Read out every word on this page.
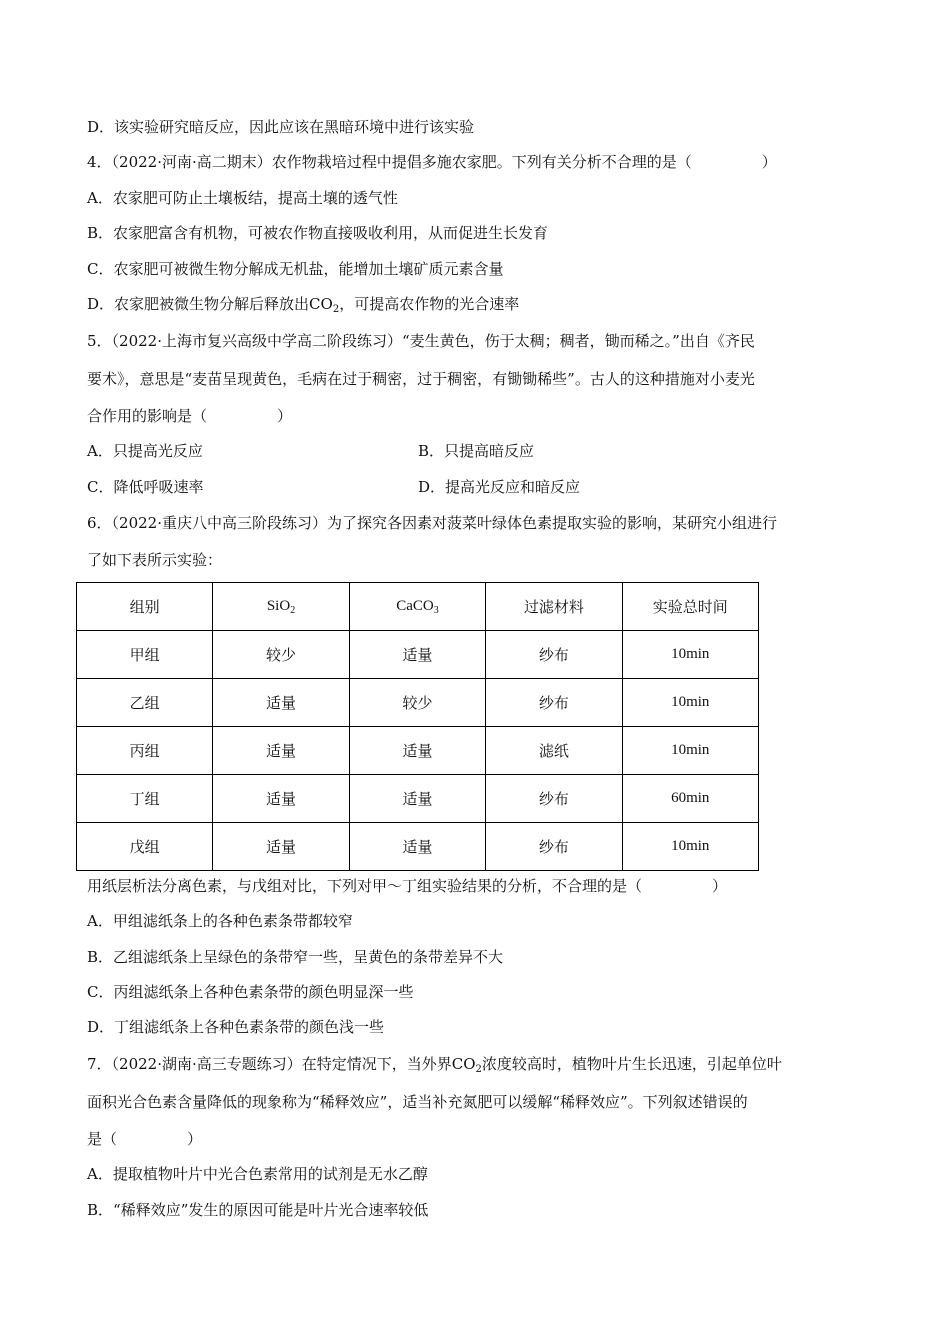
D．该实验研究暗反应，因此应该在黑暗环境中进行该实验
4．（2022·河南·高二期末）农作物栽培过程中提倡多施农家肥。下列有关分析不合理的是（	）
A．农家肥可防止土壤板结，提高土壤的透气性
B．农家肥富含有机物，可被农作物直接吸收利用，从而促进生长发育
C．农家肥可被微生物分解成无机盐，能增加土壤矿质元素含量
D．农家肥被微生物分解后释放出$CO_2$，可提高农作物的光合速率
5．（2022·上海市复兴高级中学高二阶段练习）“麦生黄色，伤于太稠；稠者，锄而稀之。”出自《齐民
要术》，意思是“麦苗呈现黄色，毛病在过于稠密，过于稠密，有锄锄稀些”。古人的这种措施对小麦光
合作用的影响是（	）
A．只提高光反应	B．只提高暗反应
C．降低呼吸速率	D．提高光反应和暗反应
6．（2022·重庆八中高三阶段练习）为了探究各因素对菠菜叶绿体色素提取实验的影响，某研究小组进行
了如下表所示实验：
组别	SiO$_2$	CaCO$_3$	过滤材料	实验总时间
甲组	较少	适量	纱布	10min
乙组	适量	较少	纱布	10min
丙组	适量	适量	滤纸	10min
丁组	适量	适量	纱布	60min
戊组	适量	适量	纱布	10min
用纸层析法分离色素，与戊组对比，下列对甲～丁组实验结果的分析，不合理的是（	）
A．甲组滤纸条上的各种色素条带都较窄
B．乙组滤纸条上呈绿色的条带窄一些，呈黄色的条带差异不大
C．丙组滤纸条上各种色素条带的颜色明显深一些
D．丁组滤纸条上各种色素条带的颜色浅一些
7．（2022·湖南·高三专题练习）在特定情况下，当外界$CO_2$浓度较高时，植物叶片生长迅速，引起单位叶
面积光合色素含量降低的现象称为“稀释效应”，适当补充氮肥可以缓解“稀释效应”。下列叙述错误的
是（	）
A．提取植物叶片中光合色素常用的试剂是无水乙醇
B．“稀释效应”发生的原因可能是叶片光合速率较低
